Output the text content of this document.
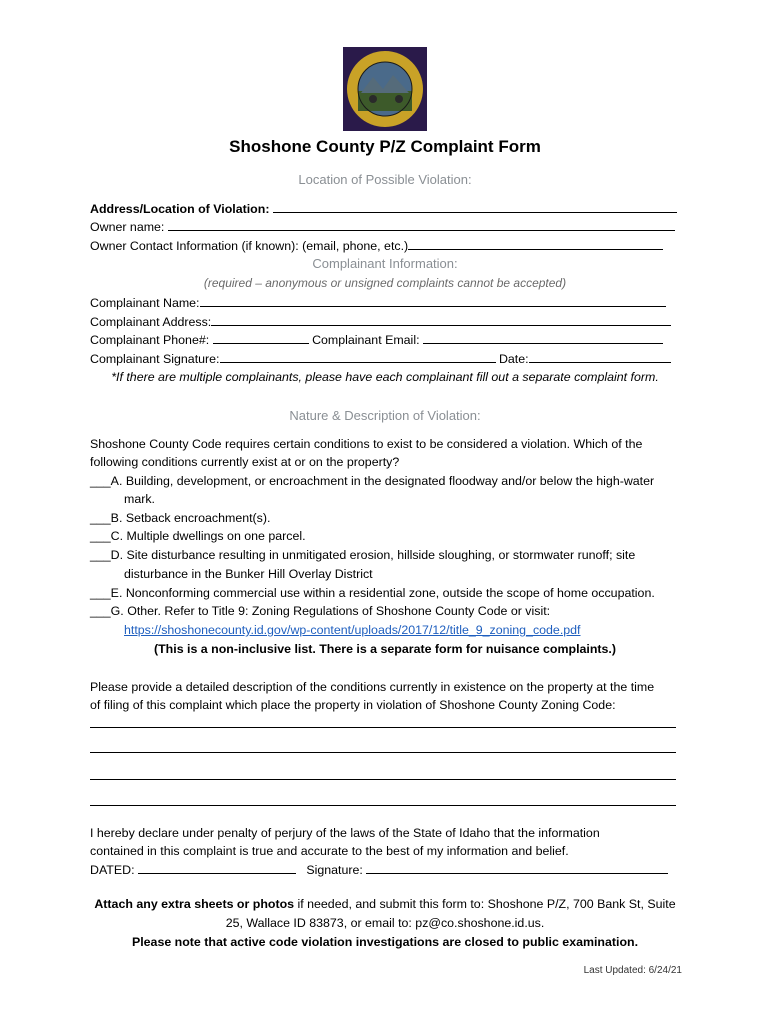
Shoshone County P/Z Complaint Form
Location of Possible Violation:
Address/Location of Violation:
Owner name:
Owner Contact Information (if known): (email, phone, etc.)
Complainant Information:
(required – anonymous or unsigned complaints cannot be accepted)
Complainant Name:
Complainant Address:
Complainant Phone#:	Complainant Email:
Complainant Signature:	Date:
*If there are multiple complainants, please have each complainant fill out a separate complaint form.
Nature & Description of Violation:
Shoshone County Code requires certain conditions to exist to be considered a violation. Which of the
following conditions currently exist at or on the property?
___A. Building, development, or encroachment in the designated floodway and/or below the high-water
mark.
___B. Setback encroachment(s).
___C. Multiple dwellings on one parcel.
___D. Site disturbance resulting in unmitigated erosion, hillside sloughing, or stormwater runoff; site
disturbance in the Bunker Hill Overlay District
___E. Nonconforming commercial use within a residential zone, outside the scope of home occupation.
___G. Other. Refer to Title 9: Zoning Regulations of Shoshone County Code or visit:
https://shoshonecounty.id.gov/wp-content/uploads/2017/12/title_9_zoning_code.pdf
(This is a non-inclusive list. There is a separate form for nuisance complaints.)
Please provide a detailed description of the conditions currently in existence on the property at the time
of filing of this complaint which place the property in violation of Shoshone County Zoning Code:
I hereby declare under penalty of perjury of the laws of the State of Idaho that the information
contained in this complaint is true and accurate to the best of my information and belief.
DATED:	Signature:
Attach any extra sheets or photos if needed, and submit this form to: Shoshone P/Z, 700 Bank St, Suite
25, Wallace ID 83873, or email to: pz@co.shoshone.id.us.
Please note that active code violation investigations are closed to public examination.
Last Updated: 6/24/21
